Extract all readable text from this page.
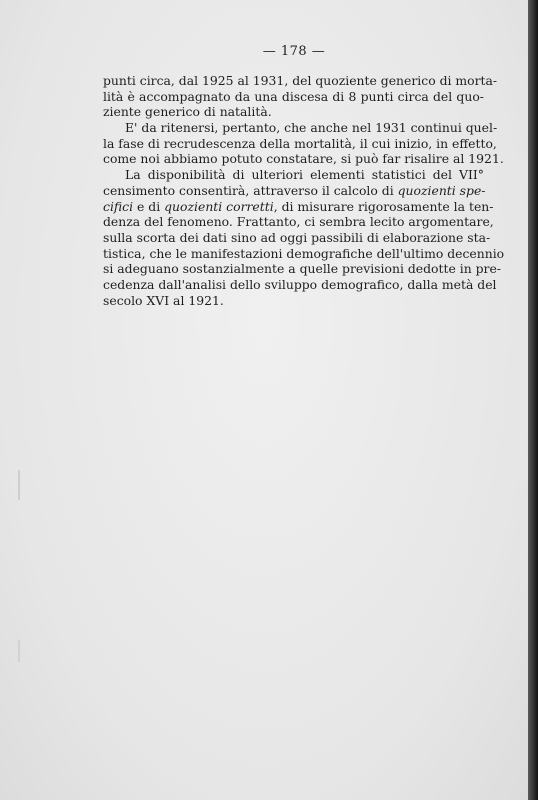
— 178 —
punti circa, dal 1925 al 1931, del quoziente generico di morta-
lità è accompagnato da una discesa di 8 punti circa del quo-
ziente generico di natalità.
E' da ritenersi, pertanto, che anche nel 1931 continui quel-
la fase di recrudescenza della mortalità, il cui inizio, in effetto,
come noi abbiamo potuto constatare, si può far risalire al 1921.
La disponibilità di ulteriori elementi statistici del VII°
censimento consentirà, attraverso il calcolo di quozienti spe-
cifici e di quozienti corretti, di misurare rigorosamente la ten-
denza del fenomeno. Frattanto, ci sembra lecito argomentare,
sulla scorta dei dati sino ad oggi passibili di elaborazione sta-
tistica, che le manifestazioni demografiche dell'ultimo decennio
si adeguano sostanzialmente a quelle previsioni dedotte in pre-
cedenza dall'analisi dello sviluppo demografico, dalla metà del
secolo XVI al 1921.
